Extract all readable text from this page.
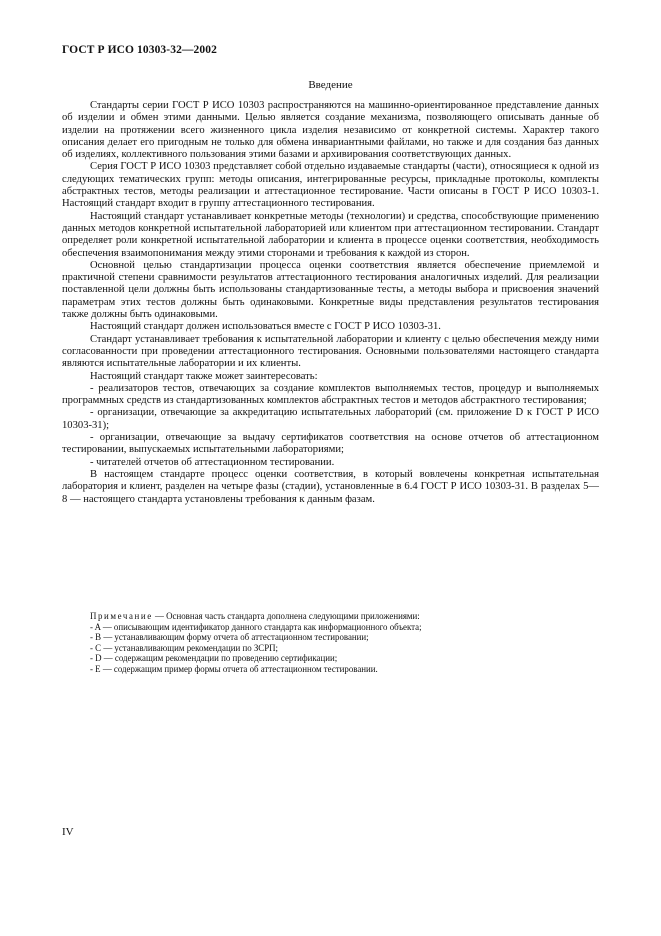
ГОСТ Р ИСО 10303-32—2002
Введение

Стандарты серии ГОСТ Р ИСО 10303 распространяются на машинно-ориентированное представление данных об изделии и обмен этими данными. Целью является создание механизма, позволяющего описывать данные об изделии на протяжении всего жизненного цикла изделия независимо от конкретной системы. Характер такого описания делает его пригодным не только для обмена инвариантными файлами, но также и для создания баз данных об изделиях, коллективного пользования этими базами и архивирования соответствующих данных.

Серия ГОСТ Р ИСО 10303 представляет собой отдельно издаваемые стандарты (части), относящиеся к одной из следующих тематических групп: методы описания, интегрированные ресурсы, прикладные протоколы, комплекты абстрактных тестов, методы реализации и аттестационное тестирование. Части описаны в ГОСТ Р ИСО 10303-1. Настоящий стандарт входит в группу аттестационного тестирования.

Настоящий стандарт устанавливает конкретные методы (технологии) и средства, способствующие применению данных методов конкретной испытательной лабораторией или клиентом при аттестационном тестировании. Стандарт определяет роли конкретной испытательной лаборатории и клиента в процессе оценки соответствия, необходимость обеспечения взаимопонимания между этими сторонами и требования к каждой из сторон.

Основной целью стандартизации процесса оценки соответствия является обеспечение приемлемой и практичной степени сравнимости результатов аттестационного тестирования аналогичных изделий. Для реализации поставленной цели должны быть использованы стандартизованные тесты, а методы выбора и присвоения значений параметрам этих тестов должны быть одинаковыми. Конкретные виды представления результатов тестирования также должны быть одинаковыми.

Настоящий стандарт должен использоваться вместе с ГОСТ Р ИСО 10303-31.

Стандарт устанавливает требования к испытательной лаборатории и клиенту с целью обеспечения между ними согласованности при проведении аттестационного тестирования. Основными пользователями настоящего стандарта являются испытательные лаборатории и их клиенты.

Настоящий стандарт также может заинтересовать:

- реализаторов тестов, отвечающих за создание комплектов выполняемых тестов, процедур и выполняемых программных средств из стандартизованных комплектов абстрактных тестов и методов абстрактного тестирования;

- организации, отвечающие за аккредитацию испытательных лабораторий (см. приложение D к ГОСТ Р ИСО 10303-31);

- организации, отвечающие за выдачу сертификатов соответствия на основе отчетов об аттестационном тестировании, выпускаемых испытательными лабораториями;

- читателей отчетов об аттестационном тестировании.

В настоящем стандарте процесс оценки соответствия, в который вовлечены конкретная испытательная лаборатория и клиент, разделен на четыре фазы (стадии), установленные в 6.4 ГОСТ Р ИСО 10303-31. В разделах 5—8 — настоящего стандарта установлены требования к данным фазам.

Примечание — Основная часть стандарта дополнена следующими приложениями:
- A — описывающим идентификатор данного стандарта как информационного объекта;
- B — устанавливающим форму отчета об аттестационном тестировании;
- C — устанавливающим рекомендации по ЗСРП;
- D — содержащим рекомендации по проведению сертификации;
- E — содержащим пример формы отчета об аттестационном тестировании.
IV
